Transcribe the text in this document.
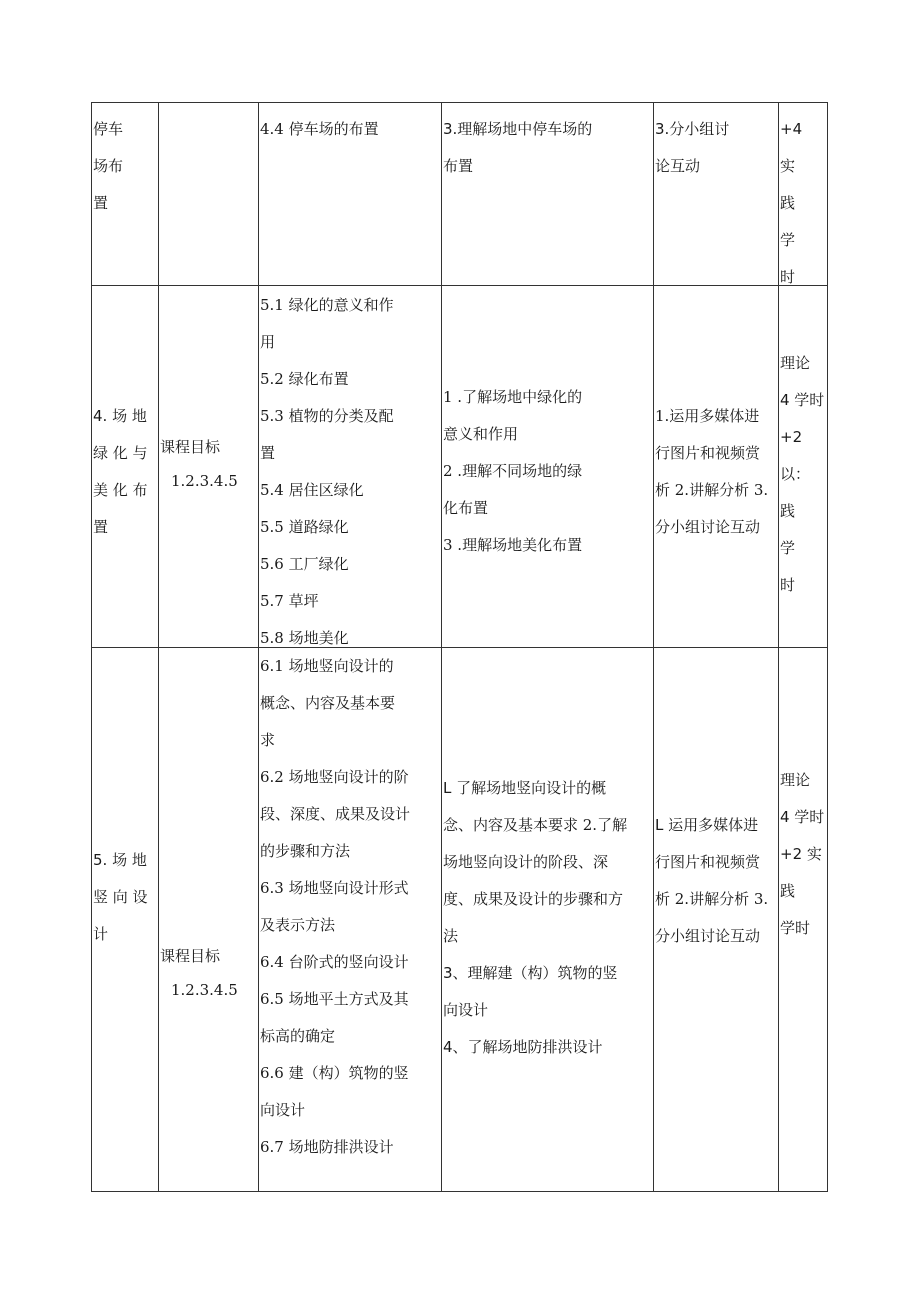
停车

场布

置

4.4 停车场的布置	3.理解场地中停车场的

布置

3.分小组讨

论互动

+4

实

践

学

时

4. 场 地

绿 化 与

美 化 布

置

课程目标

1.2.3.4.5

5.1 绿化的意义和作

用

5.2 绿化布置

5.3 植物的分类及配

置

5.4 居住区绿化

5.5 道路绿化

5.6 工厂绿化

5.7 草坪

5.8 场地美化

1 .了解场地中绿化的

意义和作用

2 .理解不同场地的绿

化布置

3 .理解场地美化布置

1.运用多媒体进

行图片和视频赏

析 2.讲解分析 3.

分小组讨论互动

理论

4 学时

+2

以：

践

学

时

5. 场 地

竖 向 设

计

课程目标

1.2.3.4.5

6.1 场地竖向设计的

概念、内容及基本要

求

6.2 场地竖向设计的阶

段、深度、成果及设计

的步骤和方法

6.3 场地竖向设计形式

及表示方法

6.4 台阶式的竖向设计

6.5 场地平土方式及其

标高的确定

6.6 建（构）筑物的竖

向设计

6.7 场地防排洪设计

L 了解场地竖向设计的概

念、内容及基本要求 2.了解

场地竖向设计的阶段、深

度、成果及设计的步骤和方

法

3、理解建（构）筑物的竖

向设计

4、了解场地防排洪设计

L 运用多媒体进

行图片和视频赏

析 2.讲解分析 3.

分小组讨论互动

理论

4 学时

+2 实

践

学时
